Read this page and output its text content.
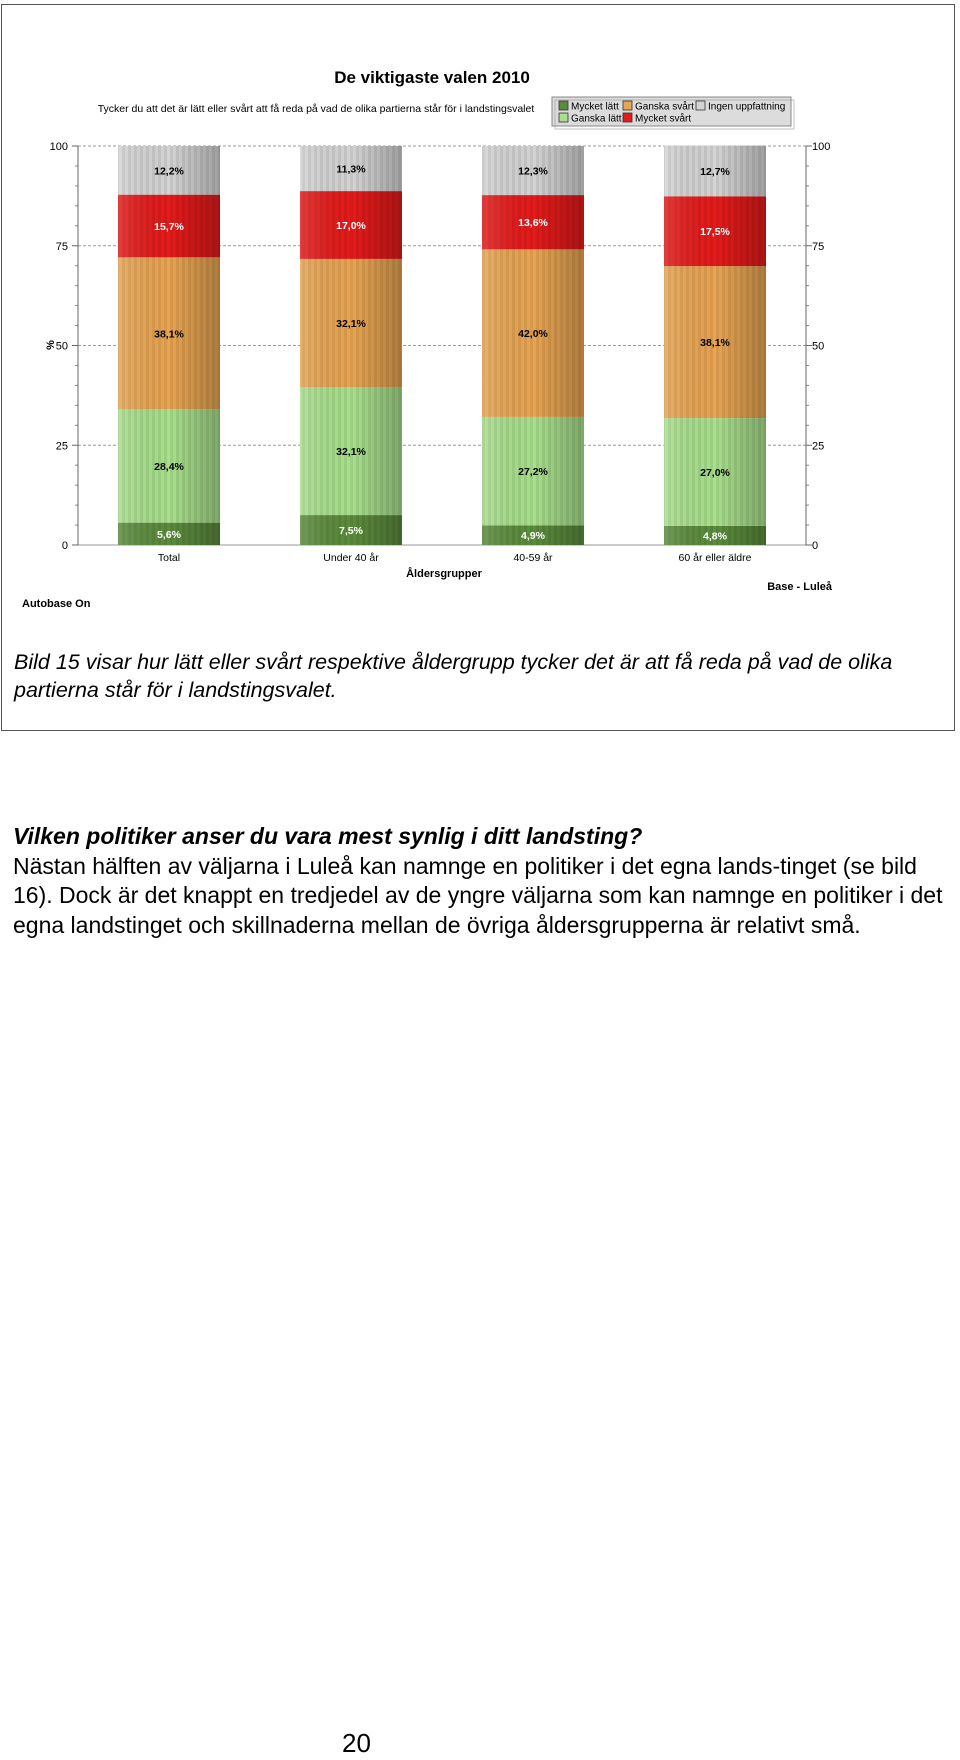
De viktigaste valen 2010
Tycker du att det är lätt eller svårt att få reda på vad de olika partierna står för i landstingsvalet	Mycket lätt Ganska svårt Ingen uppfattning
Ganska lätt Mycket svårt
5,6%
28,4%
38,1%
15,7%
12,2%
7,5%
32,1%
32,1%
17,0%
11,3%
4,9%
27,2%
42,0%
13,6%
12,3%
4,8%
27,0%
38,1%
17,5%
12,7%
0	0
25	25
50	50
75	75
100	100
Total	Under 40 år	40-59 år	60 år eller äldre
%
Åldersgrupper
Autobase On
Base - Luleå
Bild 15 visar hur lätt eller svårt respektive åldergrupp tycker det är att få reda på vad de olika partierna står för i landstingsvalet.
Vilken politiker anser du vara mest synlig i ditt landsting?
Nästan hälften av väljarna i Luleå kan namnge en politiker i det egna lands-tinget (se bild 16). Dock är det knappt en tredjedel av de yngre väljarna som kan namnge en politiker i det egna landstinget och skillnaderna mellan de övriga åldersgrupperna är relativt små.
20
